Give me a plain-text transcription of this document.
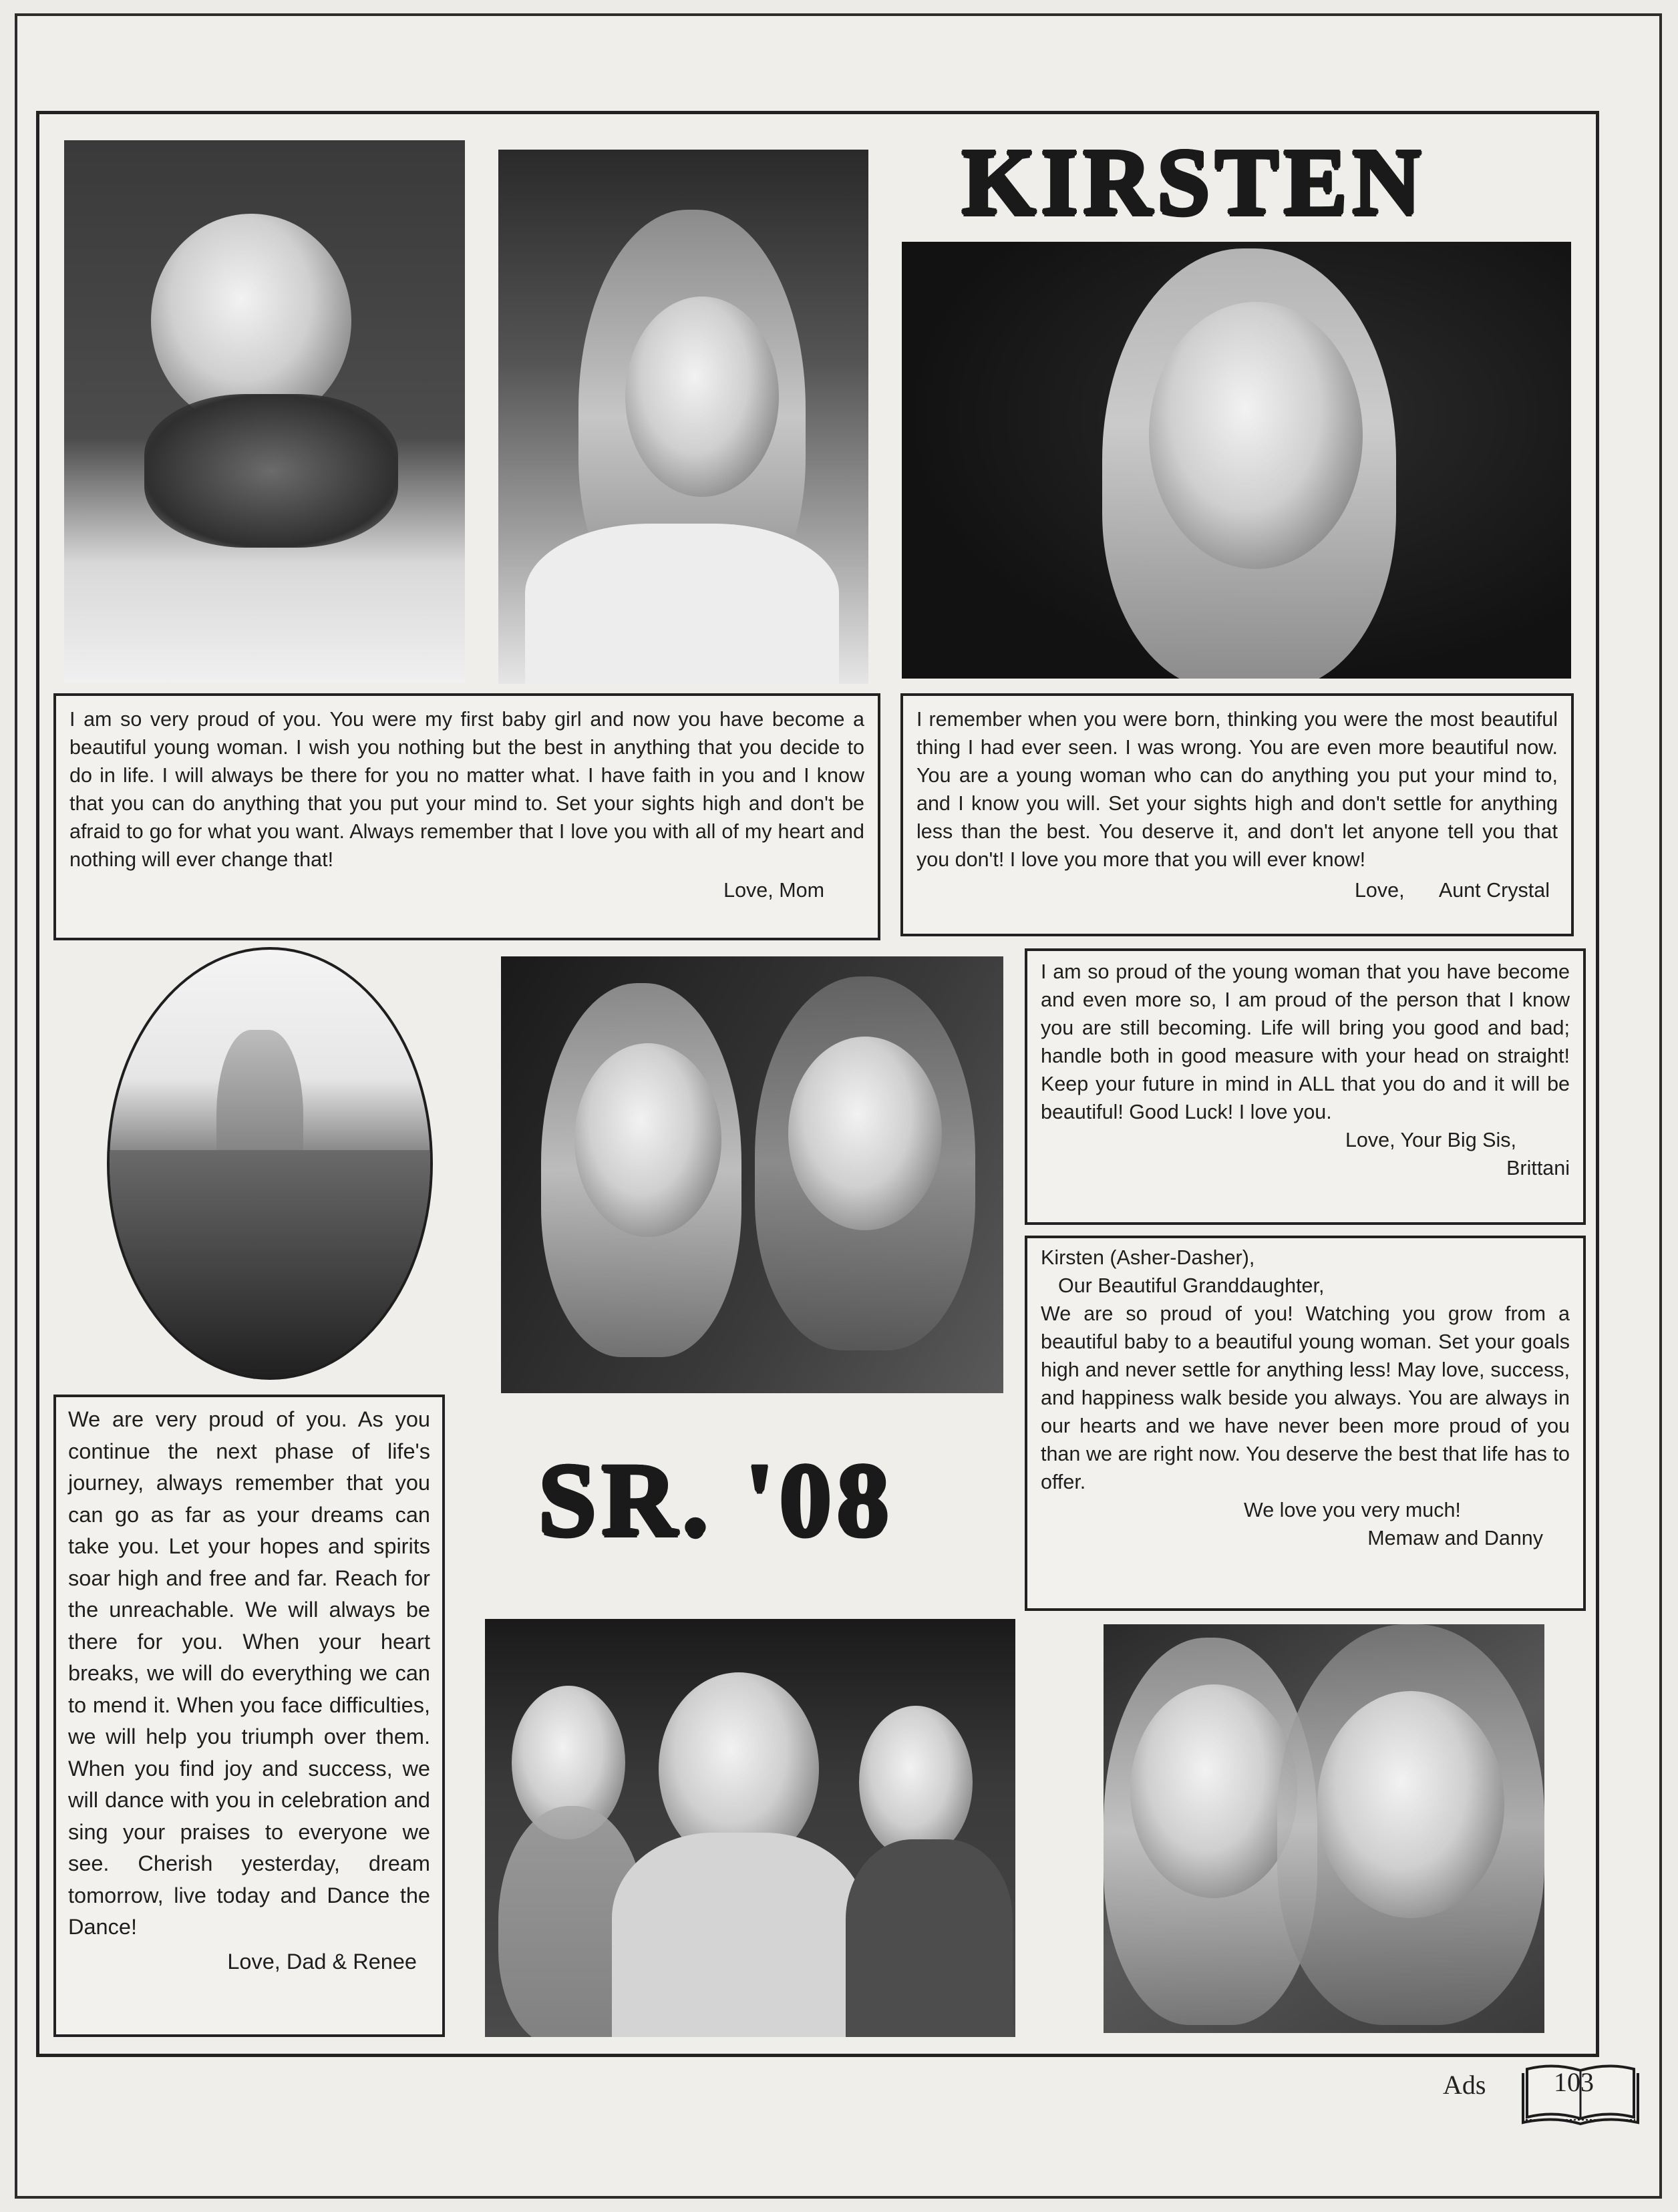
KIRSTEN

I am so very proud of you. You were my first baby girl and now you have become a beautiful young woman. I wish you nothing but the best in anything that you decide to do in life. I will always be there for you no matter what. I have faith in you and I know that you can do anything that you put your mind to. Set your sights high and don't be afraid to go for what you want. Always remember that I love you with all of my heart and nothing will ever change that!

Love, Mom

I remember when you were born, thinking you were the most beautiful thing I had ever seen. I was wrong. You are even more beautiful now. You are a young woman who can do anything you put your mind to, and I know you will. Set your sights high and don't settle for anything less than the best. You deserve it, and don't let anyone tell you that you don't! I love you more that you will ever know!

Love, Aunt Crystal

I am so proud of the young woman that you have become and even more so, I am proud of the person that I know you are still becoming. Life will bring you good and bad; handle both in good measure with your head on straight! Keep your future in mind in ALL that you do and it will be beautiful! Good Luck! I love you.

Love, Your Big Sis,
Brittani
Kirsten (Asher-Dasher),
Our Beautiful Granddaughter,

We are so proud of you! Watching you grow from a beautiful baby to a beautiful young woman. Set your goals high and never settle for anything less! May love, success, and happiness walk beside you always. You are always in our hearts and we have never been more proud of you than we are right now. You deserve the best that life has to offer.

We love you very much!
Memaw and Danny

We are very proud of you. As you continue the next phase of life's journey, always remember that you can go as far as your dreams can take you. Let your hopes and spirits soar high and free and far. Reach for the unreachable. We will always be there for you. When your heart breaks, we will do everything we can to mend it. When you face difficulties, we will help you triumph over them. When you find joy and success, we will dance with you in celebration and sing your praises to everyone we see. Cherish yesterday, dream tomorrow, live today and Dance the Dance!

Love, Dad & Renee
SR. '08
Ads	103
